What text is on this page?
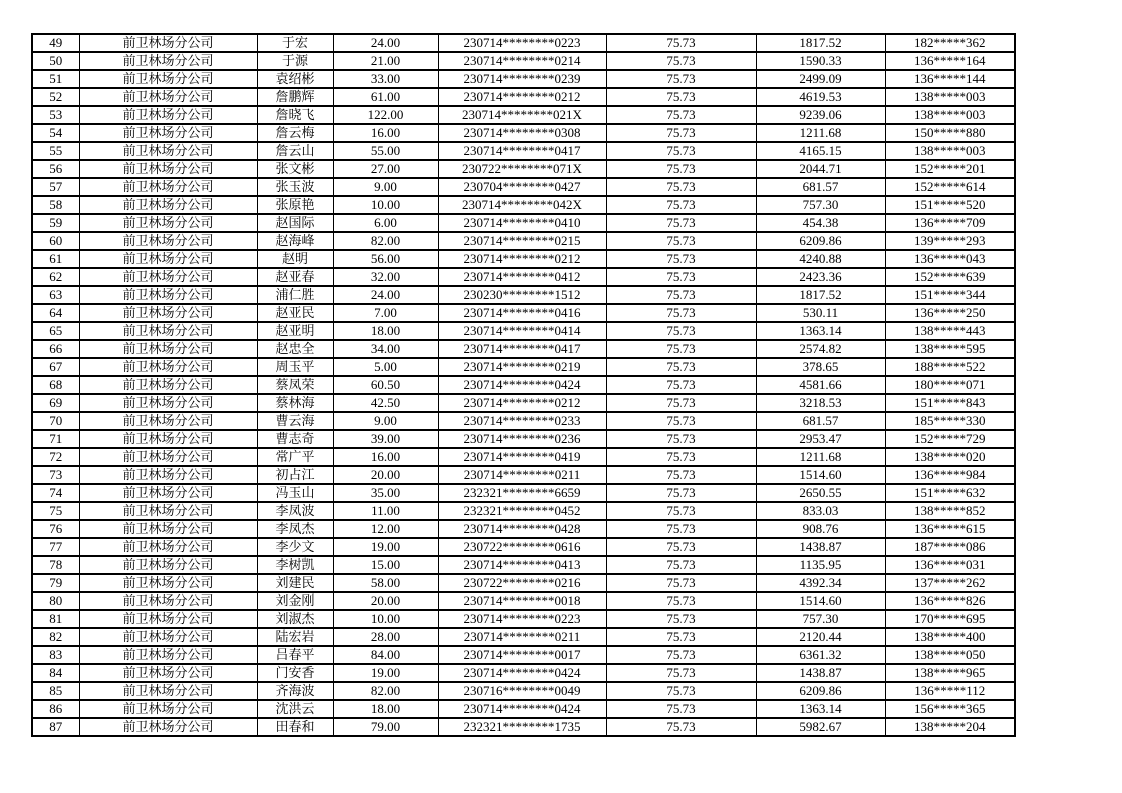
49	前卫林场分公司	于宏	24.00	230714********0223	75.73	1817.52	182*****362
50	前卫林场分公司	于源	21.00	230714********0214	75.73	1590.33	136*****164
51	前卫林场分公司	袁绍彬	33.00	230714********0239	75.73	2499.09	136*****144
52	前卫林场分公司	詹鹏辉	61.00	230714********0212	75.73	4619.53	138*****003
53	前卫林场分公司	詹晓飞	122.00	230714********021X	75.73	9239.06	138*****003
54	前卫林场分公司	詹云梅	16.00	230714********0308	75.73	1211.68	150*****880
55	前卫林场分公司	詹云山	55.00	230714********0417	75.73	4165.15	138*****003
56	前卫林场分公司	张文彬	27.00	230722********071X	75.73	2044.71	152*****201
57	前卫林场分公司	张玉波	9.00	230704********0427	75.73	681.57	152*****614
58	前卫林场分公司	张原艳	10.00	230714********042X	75.73	757.30	151*****520
59	前卫林场分公司	赵国际	6.00	230714********0410	75.73	454.38	136*****709
60	前卫林场分公司	赵海峰	82.00	230714********0215	75.73	6209.86	139*****293
61	前卫林场分公司	赵明	56.00	230714********0212	75.73	4240.88	136*****043
62	前卫林场分公司	赵亚春	32.00	230714********0412	75.73	2423.36	152*****639
63	前卫林场分公司	浦仁胜	24.00	230230********1512	75.73	1817.52	151*****344
64	前卫林场分公司	赵亚民	7.00	230714********0416	75.73	530.11	136*****250
65	前卫林场分公司	赵亚明	18.00	230714********0414	75.73	1363.14	138*****443
66	前卫林场分公司	赵忠全	34.00	230714********0417	75.73	2574.82	138*****595
67	前卫林场分公司	周玉平	5.00	230714********0219	75.73	378.65	188*****522
68	前卫林场分公司	蔡凤荣	60.50	230714********0424	75.73	4581.66	180*****071
69	前卫林场分公司	蔡林海	42.50	230714********0212	75.73	3218.53	151*****843
70	前卫林场分公司	曹云海	9.00	230714********0233	75.73	681.57	185*****330
71	前卫林场分公司	曹志奇	39.00	230714********0236	75.73	2953.47	152*****729
72	前卫林场分公司	常广平	16.00	230714********0419	75.73	1211.68	138*****020
73	前卫林场分公司	初占江	20.00	230714********0211	75.73	1514.60	136*****984
74	前卫林场分公司	冯玉山	35.00	232321********6659	75.73	2650.55	151*****632
75	前卫林场分公司	李凤波	11.00	232321********0452	75.73	833.03	138*****852
76	前卫林场分公司	李凤杰	12.00	230714********0428	75.73	908.76	136*****615
77	前卫林场分公司	李少文	19.00	230722********0616	75.73	1438.87	187*****086
78	前卫林场分公司	李树凯	15.00	230714********0413	75.73	1135.95	136*****031
79	前卫林场分公司	刘建民	58.00	230722********0216	75.73	4392.34	137*****262
80	前卫林场分公司	刘金刚	20.00	230714********0018	75.73	1514.60	136*****826
81	前卫林场分公司	刘淑杰	10.00	230714********0223	75.73	757.30	170*****695
82	前卫林场分公司	陆宏岩	28.00	230714********0211	75.73	2120.44	138*****400
83	前卫林场分公司	吕春平	84.00	230714********0017	75.73	6361.32	138*****050
84	前卫林场分公司	门安香	19.00	230714********0424	75.73	1438.87	138*****965
85	前卫林场分公司	齐海波	82.00	230716********0049	75.73	6209.86	136*****112
86	前卫林场分公司	沈洪云	18.00	230714********0424	75.73	1363.14	156*****365
87	前卫林场分公司	田春和	79.00	232321********1735	75.73	5982.67	138*****204
